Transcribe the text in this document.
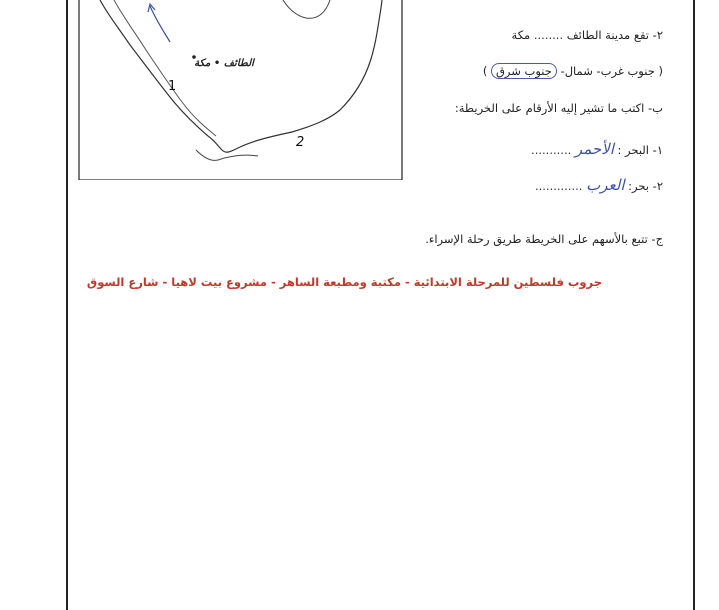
الطائف • مكة
1
2
٢- تقع مدينة الطائف ........ مكة
( جنوب غرب- شمال- جنوب شرق )
ب- اكتب ما تشير إليه الأرقام على الخريطة:
١- البحر : الأحمر ...........
٢- بحر: العرب .............
ج- تتبع بالأسهم على الخريطة طريق رحلة الإسراء.
جروب فلسطين للمرحلة الابتدائية - مكتبة ومطبعة الساهر - مشروع بيت لاهيا - شارع السوق
